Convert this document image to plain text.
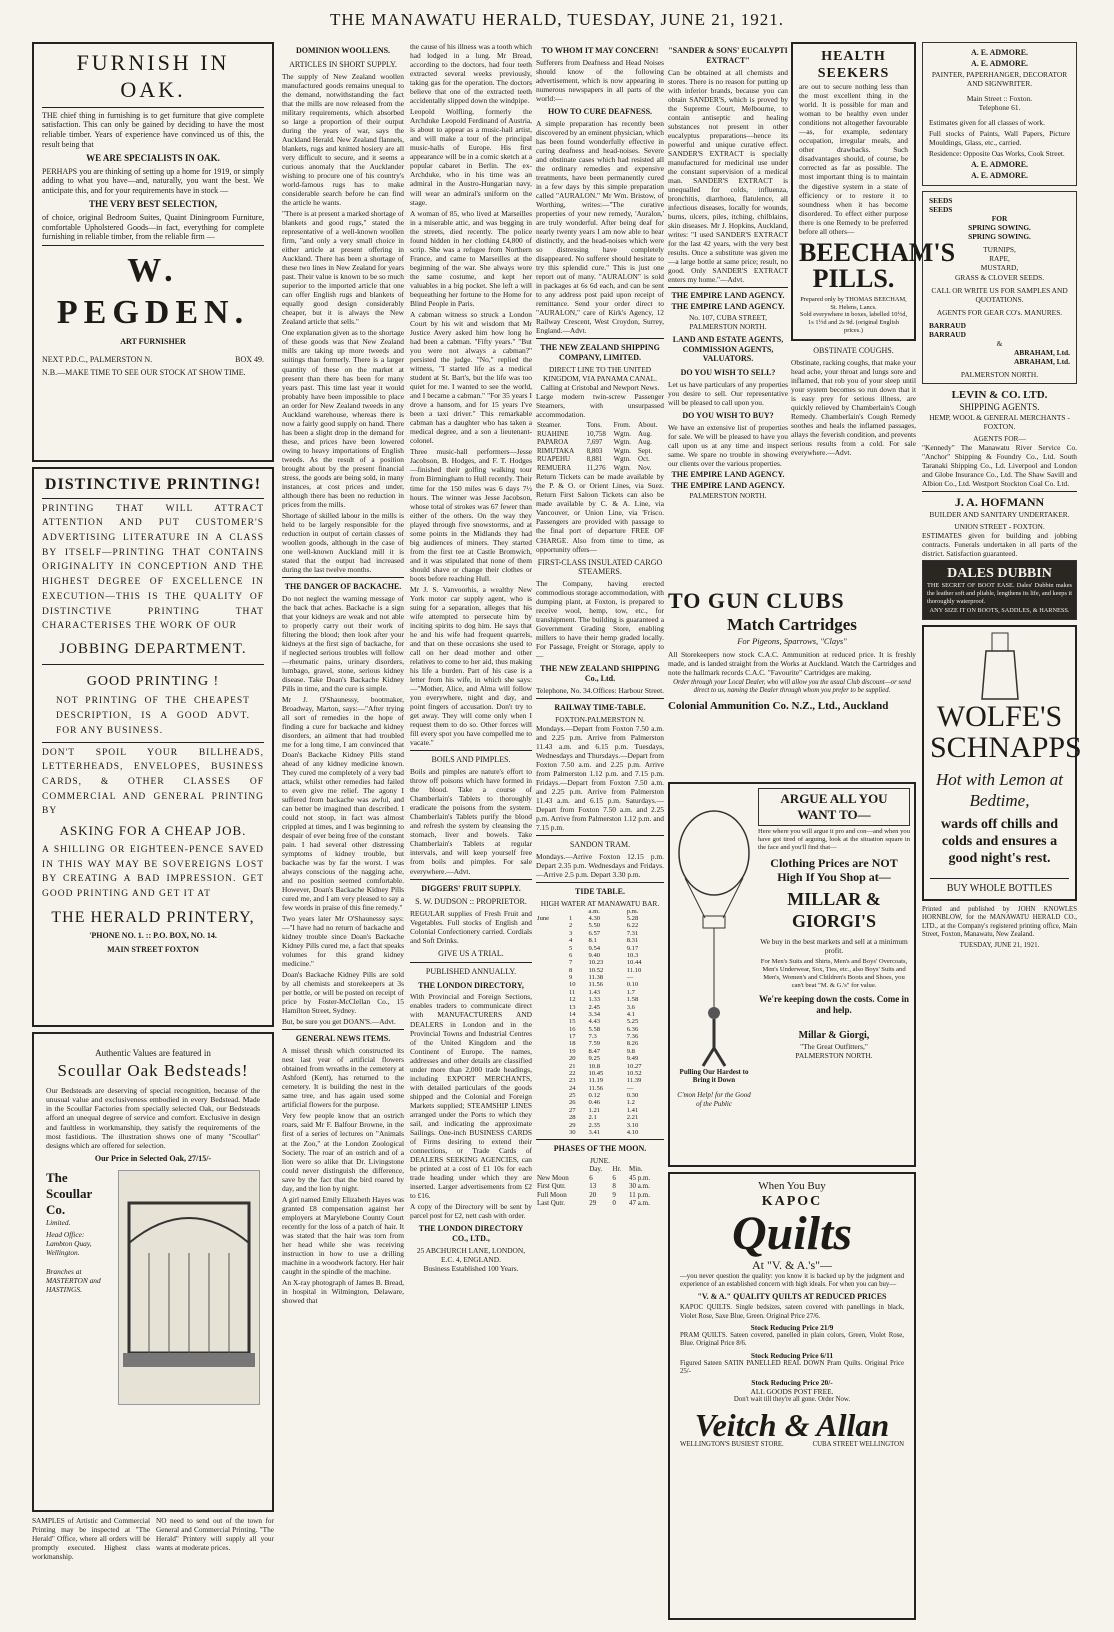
THE MANAWATU HERALD, TUESDAY, JUNE 21, 1921.
FURNISH IN OAK.

THE chief thing in furnishing is to get furniture that give complete satisfaction. This can only be gained by deciding to have the most reliable timber. Years of experience have convinced us of this, the result being that

WE ARE SPECIALISTS IN OAK.

PERHAPS you are thinking of setting up a home for 1919, or simply adding to what you have—and, naturally, you want the best. We anticipate this, and for your requirements have in stock —

THE VERY BEST SELECTION,

of choice, original Bedroom Suites, Quaint Diningroom Furniture, comfortable Upholstered Goods—in fact, everything for complete furnishing in reliable timber, from the reliable firm —

W. PEGDEN.
ART FURNISHER
NEXT P.D.C., PALMERSTON N.	BOX 49.

N.B.—MAKE TIME TO SEE OUR STOCK AT SHOW TIME.

DISTINCTIVE PRINTING!

PRINTING THAT WILL ATTRACT ATTENTION AND PUT CUSTOMER'S ADVERTISING LITERATURE IN A CLASS BY ITSELF—PRINTING THAT CONTAINS ORIGINALITY IN CONCEPTION AND THE HIGHEST DEGREE OF EXCELLENCE IN EXECUTION—THIS IS THE QUALITY OF DISTINCTIVE PRINTING THAT CHARACTERISES THE WORK OF OUR

JOBBING DEPARTMENT.
GOOD PRINTING !

NOT PRINTING OF THE CHEAPEST DESCRIPTION, IS A GOOD ADVT. FOR ANY BUSINESS.

DON'T SPOIL YOUR BILLHEADS, LETTERHEADS, ENVELOPES, BUSINESS CARDS, & OTHER CLASSES OF COMMERCIAL AND GENERAL PRINTING BY

ASKING FOR A CHEAP JOB.

A SHILLING OR EIGHTEEN-PENCE SAVED IN THIS WAY MAY BE SOVEREIGNS LOST BY CREATING A BAD IMPRESSION. GET GOOD PRINTING AND GET IT AT

THE HERALD PRINTERY,
'PHONE NO. 1. :: P.O. BOX, NO. 14.
MAIN STREET FOXTON
Authentic Values are featured in
Scoullar Oak Bedsteads!

Our Bedsteads are deserving of special recognition, because of the unusual value and exclusiveness embodied in every Bedstead. Made in the Scoullar Factories from specially selected Oak, our Bedsteads afford an unequal degree of service and comfort. Exclusive in design and faultless in workmanship, they satisfy the requirements of the most fastidious. The illustration shows one of many "Scoullar" designs which are offered for selection.

Our Price in Selected Oak, 27/15/-
The Scoullar Co.
Limited.
Head Office: Lambton Quay, Wellington.
Branches at MASTERTON and HASTINGS.

SAMPLES of Artistic and Commercial Printing may be inspected at "The Herald" Office, where all orders will be promptly executed. Highest class workmanship.

NO need to send out of the town for General and Commercial Printing. "The Herald" Printery will supply all your wants at moderate prices.

DOMINION WOOLLENS.
ARTICLES IN SHORT SUPPLY.

The supply of New Zealand woollen manufactured goods remains unequal to the demand, notwithstanding the fact that the mills are now released from the military requirements, which absorbed so large a proportion of their output during the years of war, says the Auckland Herald. New Zealand flannels, blankets, rugs and knitted hosiery are all very difficult to secure, and it seems a curious anomaly that the Aucklander wishing to procure one of his country's world-famous rugs has to make considerable search before he can find the article he wants.

"There is at present a marked shortage of blankets and good rugs," stated the representative of a well-known woollen firm, "and only a very small choice in either article at present offering in Auckland. There has been a shortage of these two lines in New Zealand for years past. Their value is known to be so much superior to the imported article that one can offer English rugs and blankets of equally good design considerably cheaper, but it is always the New Zealand article that sells."

One explanation given as to the shortage of these goods was that New Zealand mills are taking up more tweeds and suitings than formerly. There is a larger quantity of these on the market at present than there has been for many years past. This time last year it would probably have been impossible to place an order for New Zealand tweeds in any Auckland warehouse, whereas there is now a fairly good supply on hand. There has been a slight drop in the demand for these, and prices have been lowered owing to heavy importations of English tweeds. As the result of a position brought about by the present financial stress, the goods are being sold, in many instances, at cost prices and under, although there has been no reduction in prices from the mills.

Shortage of skilled labour in the mills is held to be largely responsible for the reduction in output of certain classes of woollen goods, although in the case of one well-known Auckland mill it is stated that the output had increased during the last twelve months.

THE DANGER OF BACKACHE.

Do not neglect the warning message of the back that aches. Backache is a sign that your kidneys are weak and not able to properly carry out their work of filtering the blood; then look after your kidneys at the first sign of backache, for if neglected serious troubles will follow—rheumatic pains, urinary disorders, lumbago, gravel, stone, serious kidney disease. Take Doan's Backache Kidney Pills in time, and the cure is simple.

Mr J. O'Shaunessy, bootmaker, Broadway, Marton, says:—"After trying all sort of remedies in the hope of finding a cure for backache and kidney disorders, an ailment that had troubled me for a long time, I am convinced that Doan's Backache Kidney Pills stand ahead of any kidney medicine known. They cured me completely of a very bad attack, whilst other remedies had failed to even give me relief. The agony I suffered from backache was awful, and can better be imagined than described. I could not stoop, in fact was almost crippled at times, and I was beginning to despair of ever being free of the constant pain. I had several other distressing symptoms of kidney trouble, but backache was by far the worst. I was always conscious of the nagging ache, and no position seemed comfortable. However, Doan's Backache Kidney Pills cured me, and I am very pleased to say a few words in praise of this fine remedy."

Two years later Mr O'Shaunessy says:—"I have had no return of backache and kidney trouble since Doan's Backache Kidney Pills cured me, a fact that speaks volumes for this grand kidney medicine."

Doan's Backache Kidney Pills are sold by all chemists and storekeepers at 3s per bottle, or will be posted on receipt of price by Foster-McClellan Co., 15 Hamilton Street, Sydney.

But, be sure you get DOAN'S.—Advt.

GENERAL NEWS ITEMS.

A missel thrush which constructed its nest last year of artificial flowers obtained from wreaths in the cemetery at Ashford (Kent), has returned to the cemetery. It is building the nest in the same tree, and has again used some artificial flowers for the purpose.

Very few people know that an ostrich roars, said Mr F. Balfour Browne, in the first of a series of lectures on "Animals at the Zoo," at the London Zoological Society. The roar of an ostrich and of a lion were so alike that Dr. Livingstone could never distinguish the difference, save by the fact that the bird roared by day, and the lion by night.

A girl named Emily Elizabeth Hayes was granted £8 compensation against her employers at Marylebone County Court recently for the loss of a patch of hair. It was stated that the hair was torn from her head while she was receiving instruction in how to use a drilling machine in a woodwork factory. Her hair caught in the spindle of the machine.

An X-ray photograph of James B. Bread, in hospital in Wilmington, Delaware, showed that

the cause of his illness was a tooth which had lodged in a lung. Mr Bread, according to the doctors, had four teeth extracted several weeks previously, taking gas for the operation. The doctors believe that one of the extracted teeth accidentally slipped down the windpipe.

Leopold Wolfling, formerly the Archduke Leopold Ferdinand of Austria, is about to appear as a music-hall artist, and will make a tour of the principal music-halls of Europe. His first appearance will be in a comic sketch at a popular cabaret in Berlin. The ex-Archduke, who in his time was an admiral in the Austro-Hungarian navy, will wear an admiral's uniform on the stage.

A woman of 85, who lived at Marseilles in a miserable attic, and was begging in the streets, died recently. The police found hidden in her clothing £4,800 of scrip. She was a refugee from Northern France, and came to Marseilles at the beginning of the war. She always wore the same costume, and kept her valuables in a big pocket. She left a will bequeathing her fortune to the Home for Blind People in Paris.

A cabman witness so struck a London Court by his wit and wisdom that Mr Justice Avery asked him how long he had been a cabman. "Fifty years." "But you were not always a cabman?" persisted the judge. "No," replied the witness, "I started life as a medical student at St. Bart's, but the life was too quiet for me. I wanted to see the world, and I became a cabman." "For 35 years I drove a hansom, and for 15 years I've been a taxi driver." This remarkable cabman has a daughter who has taken a medical degree, and a son a lieutenant-colonel.

Three music-hall performers—Jesse Jacobson, B. Hodges, and F. T. Hodges—finished their golfing walking tour from Birmingham to Hull recently. Their time for the 150 miles was 6 days 7½ hours. The winner was Jesse Jacobson, whose total of strokes was 67 fewer than either of the others. On the way they played through five snowstorms, and at some points in the Midlands they had big audiences of miners. They started from the first tee at Castle Bromwich, and it was stipulated that none of them should shave or change their clothes or boots before reaching Hull.

Mr J. S. Vanvoorhis, a wealthy New York motor car supply agent, who is suing for a separation, alleges that his wife attempted to persecute him by inciting spirits to dog him. He says that he and his wife had frequent quarrels, and that on these occasions she used to call on her dead mother and other relatives to come to her aid, thus making his life a burden. Part of his case is a letter from his wife, in which she says:—"Mother, Alice, and Alma will follow you everywhere, night and day, and point fingers of accusation. Don't try to get away. They will come only when I request them to do so. Other forces will fill every spot you have compelled me to vacate."

BOILS AND PIMPLES.

Boils and pimples are nature's effort to throw off poisons which have formed in the blood. Take a course of Chamberlain's Tablets to thoroughly eradicate the poisons from the system. Chamberlain's Tablets purify the blood and refresh the system by cleansing the stomach, liver and bowels. Take Chamberlain's Tablets at regular intervals, and will keep yourself free from boils and pimples. For sale everywhere.—Advt.

DIGGERS' FRUIT SUPPLY.
S. W. DUDSON :: PROPRIETOR.

REGULAR supplies of Fresh Fruit and Vegetables. Full stocks of English and Colonial Confectionery carried. Cordials and Soft Drinks.

GIVE US A TRIAL.
PUBLISHED ANNUALLY.
THE LONDON DIRECTORY,

With Provincial and Foreign Sections, enables traders to communicate direct with MANUFACTURERS AND DEALERS in London and in the Provincial Towns and Industrial Centres of the United Kingdom and the Continent of Europe. The names, addresses and other details are classified under more than 2,000 trade headings, including EXPORT MERCHANTS, with detailed particulars of the goods shipped and the Colonial and Foreign Markets supplied; STEAMSHIP LINES arranged under the Ports to which they sail, and indicating the approximate Sailings. One-inch BUSINESS CARDS of Firms desiring to extend their connections, or Trade Cards of DEALERS SEEKING AGENCIES, can be printed at a cost of £1 10s for each trade heading under which they are inserted. Larger advertisements from £2 to £16.

A copy of the Directory will be sent by parcel post for £2, nett cash with order.

THE LONDON DIRECTORY CO., LTD.,
25 ABCHURCH LANE, LONDON, E.C. 4, ENGLAND.
Business Established 100 Years.
TO WHOM IT MAY CONCERN!

Sufferers from Deafness and Head Noises should know of the following advertisement, which is now appearing in numerous newspapers in all parts of the world:—

HOW TO CURE DEAFNESS.

A simple preparation has recently been discovered by an eminent physician, which has been found wonderfully effective in curing deafness and head-noises. Severe and obstinate cases which had resisted all the ordinary remedies and expensive treatments, have been permanently cured in a few days by this simple preparation called "AURALON." Mr Wm. Bristow, of Worthing, writes:—"The curative properties of your new remedy, 'Auralon,' are truly wonderful. After being deaf for nearly twenty years I am now able to hear distinctly, and the head-noises which were so distressing have completely disappeared. No sufferer should hesitate to try this splendid cure." This is just one report out of many. "AURALON" is sold in packages at 6s 6d each, and can be sent to any address post paid upon receipt of remittance. Send your order direct to "AURALON," care of Kirk's Agency, 12 Railway Crescent, West Croydon, Surrey, England.—Advt.

THE NEW ZEALAND SHIPPING COMPANY, LIMITED.
DIRECT LINE TO THE UNITED KINGDOM, VIA PANAMA CANAL.
Calling at Cristobal and Newport News.

Large modern twin-screw Passenger Steamers, with unsurpassed accommodation.

Steamer.	Tons.	From.	About.
RUAHINE	10,758	Wgtn.	Aug.
PAPAROA	7,697	Wgtn.	Aug.
RIMUTAKA	8,803	Wgtn.	Sept.
RUAPEHU	8,881	Wgtn.	Oct.
REMUERA	11,276	Wgtn.	Nov.

Return Tickets can be made available by the P. & O. or Orient Lines, via Suez. Return First Saloon Tickets can also be made available by C. & A. Line, via Vancouver, or Union Line, via 'Frisco. Passengers are provided with passage to the final port of departure FREE OF CHARGE. Also from time to time, as opportunity offers—

FIRST-CLASS INSULATED CARGO STEAMERS.

The Company, having erected commodious storage accommodation, with dumping plant, at Foxton, is prepared to receive wool, hemp, tow, etc., for transhipment. The building is guaranteed a Government Grading Store, enabling millers to have their hemp graded locally. For Passage, Freight or Storage, apply to —

THE NEW ZEALAND SHIPPING Co., Ltd.
Telephone, No. 34. Offices: Harbour Street.
RAILWAY TIME-TABLE.
FOXTON-PALMERSTON N.

Mondays.—Depart from Foxton 7.50 a.m. and 2.25 p.m. Arrive from Palmerston 11.43 a.m. and 6.15 p.m. Tuesdays, Wednesdays and Thursdays.—Depart from Foxton 7.50 a.m. and 2.25 p.m. Arrive from Palmerston 1.12 p.m. and 7.15 p.m. Fridays.—Depart from Foxton 7.50 a.m. and 2.25 p.m. Arrive from Palmerston 11.43 a.m. and 6.15 p.m. Saturdays.—Depart from Foxton 7.50 a.m. and 2.25 p.m. Arrive from Palmerston 1.12 p.m. and 7.15 p.m.

SANDON TRAM.

Mondays.—Arrive Foxton 12.15 p.m. Depart 2.35 p.m. Wednesdays and Fridays.—Arrive 2.5 p.m. Depart 3.30 p.m.

TIDE TABLE.
HIGH WATER AT MANAWATU BAR.
		a.m.	p.m.
June	1	4.30	5.28
	2	5.50	6.22
	3	6.57	7.31
	4	8.1	8.31
	5	9.54	9.17
	6	9.40	10.3
	7	10.23	10.44
	8	10.52	11.10
	9	11.38	—
	10	11.56	0.10
	11	1.43	1.7
	12	1.33	1.58
	13	2.45	3.6
	14	3.34	4.1
	15	4.43	5.25
	16	5.58	6.36
	17	7.3	7.36
	18	7.59	8.26
	19	8.47	9.8
	20	9.25	9.49
	21	10.8	10.27
	22	10.45	10.52
	23	11.19	11.39
	24	11.56	—
	25	0.12	0.30
	26	0.46	1.2
	27	1.21	1.41
	28	2.1	2.21
	29	2.35	3.10
	30	3.41	4.10
PHASES OF THE MOON.
JUNE.
	Day.	Hr.	Min.
New Moon	6	6	45 p.m.
First Qutr.	13	8	30 a.m.
Full Moon	20	9	11 p.m.
Last Qutr.	29	0	47 a.m.
"SANDER & SONS' EUCALYPTI EXTRACT"

Can be obtained at all chemists and stores. There is no reason for putting up with inferior brands, because you can obtain SANDER'S, which is proved by the Supreme Court, Melbourne, to contain antiseptic and healing substances not present in other eucalyptus preparations—hence its powerful and unique curative effect. SANDER'S EXTRACT is specially manufactured for medicinal use under the constant supervision of a medical man. SANDER'S EXTRACT is unequalled for colds, influenza, bronchitis, diarrhoea, flatulence, all infectious diseases, locally for wounds, burns, ulcers, piles, itching, chilblains, skin diseases. Mr J. Hopkins, Auckland, writes: "I used SANDER'S EXTRACT for the last 42 years, with the very best results. Once a substitute was given me—a large bottle at same price; result, no good. Only SANDER'S EXTRACT enters my home."—Advt.

THE EMPIRE LAND AGENCY.
THE EMPIRE LAND AGENCY.
No. 107, CUBA STREET, PALMERSTON NORTH.
LAND AND ESTATE AGENTS, COMMISSION AGENTS, VALUATORS.
DO YOU WISH TO SELL?

Let us have particulars of any properties you desire to sell. Our representative will be pleased to call upon you.

DO YOU WISH TO BUY?

We have an extensive list of properties for sale. We will be pleased to have you call upon us at any time and inspect same. We spare no trouble in showing our clients over the various properties.

THE EMPIRE LAND AGENCY.
THE EMPIRE LAND AGENCY.
PALMERSTON NORTH.
HEALTH SEEKERS

are out to secure nothing less than the most excellent thing in the world. It is possible for man and woman to be healthy even under conditions not altogether favourable—as, for example, sedentary occupation, irregular meals, and other drawbacks. Such disadvantages should, of course, be corrected as far as possible. The most important thing is to maintain the digestive system in a state of efficiency or to restore it to soundness when it has become disordered. To effect either purpose there is one Remedy to be preferred before all others—

BEECHAM'S PILLS.
Prepared only by THOMAS BEECHAM, St. Helens, Lancs.
Sold everywhere in boxes, labelled 10½d, 1s 1½d and 2s 9d. (original English prices.)
OBSTINATE COUGHS.

Obstinate, racking coughs, that make your head ache, your throat and lungs sore and inflamed, that rob you of your sleep until your system becomes so run down that it is easy prey for serious illness, are quickly relieved by Chamberlain's Cough Remedy. Chamberlain's Cough Remedy soothes and heals the inflamed passages, allays the feverish condition, and prevents serious results from a cold. For sale everywhere.—Advt.

TO GUN CLUBS
Match Cartridges
For Pigeons, Sparrows, "Clays"

All Storekeepers now stock C.A.C. Ammunition at reduced price. It is freshly made, and is landed straight from the Works at Auckland. Watch the Cartridges and note the hallmark records C.A.C. "Favourite" Cartridges are making.

Order through your Local Dealer, who will allow you the usual Club discount—or send direct to us, naming the Dealer through whom you prefer to be supplied.

Colonial Ammunition Co. N.Z., Ltd., Auckland
Pulling Our Hardest to Bring it Down
C'mon Help! for the Good of the Public
ARGUE ALL YOU WANT TO—

Here where you will argue it pro and con—and when you have got tired of arguing, look at the situation square in the face and you'll find that—

Clothing Prices are NOT High If You Shop at—
MILLAR & GIORGI'S
We buy in the best markets and sell at a minimum profit.

For Men's Suits and Shirts, Men's and Boys' Overcoats, Men's Underwear, Sox, Ties, etc., also Boys' Suits and Men's, Women's and Children's Boots and Shoes, you can't beat "M. & G.'s" for value.

We're keeping down the costs. Come in and help.
Millar & Giorgi,
"The Great Outfitters,"
PALMERSTON NORTH.
When You Buy
KAPOC
Quilts
At "V. & A.'s"—

—you never question the quality: you know it is backed up by the judgment and experience of an established concern with high ideals. For when you can buy—

"V. & A." QUALITY QUILTS AT REDUCED PRICES

KAPOC QUILTS. Single bedsizes, sateen covered with panellings in black, Violet Rose, Saxe Blue, Green. Original Price 27/6.

Stock Reducing Price 21/9

PRAM QUILTS. Sateen covered, panelled in plain colors, Green, Violet Rose, Blue. Original Price 8/6.

Stock Reducing Price 6/11

Figured Sateen SATIN PANELLED REAL DOWN Pram Quilts. Original Price 25/-

Stock Reducing Price 20/-
ALL GOODS POST FREE.
Don't wait till they're all gone. Order Now.
Veitch & Allan
WELLINGTON'S BUSIEST STORE.	CUBA STREET WELLINGTON
A. E. ADMORE.
A. E. ADMORE.
PAINTER, PAPERHANGER, DECORATOR AND SIGNWRITER.
Main Street :: Foxton.
Telephone 61.

Estimates given for all classes of work.

Full stocks of Paints, Wall Papers, Picture Mouldings, Glass, etc., carried.

Residence: Opposite Oas Works, Cook Street.

A. E. ADMORE.
A. E. ADMORE.
SEEDS
SEEDS
FOR
SPRING SOWING.
SPRING SOWING.
TURNIPS,
RAPE,
MUSTARD,
GRASS & CLOVER SEEDS.
CALL OR WRITE US FOR SAMPLES AND QUOTATIONS.
AGENTS FOR GEAR CO's. MANURES.
BARRAUD
BARRAUD
&
ABRAHAM, Ltd.
ABRAHAM, Ltd.
PALMERSTON NORTH.
LEVIN & CO. LTD.
SHIPPING AGENTS.
HEMP, WOOL & GENERAL MERCHANTS - FOXTON.
AGENTS FOR—

"Kennedy" The Manawatu River Service Co. "Anchor" Shipping & Foundry Co., Ltd. South Taranaki Shipping Co., Ld. Liverpool and London and Globe Insurance Co., Ltd. The Shaw Savill and Albion Co., Ltd. Westport Stockton Coal Co. Ltd.

J. A. HOFMANN
BUILDER AND SANITARY UNDERTAKER.
UNION STREET - FOXTON.

ESTIMATES given for building and jobbing contracts. Funerals undertaken in all parts of the district. Satisfaction guaranteed.

DALES DUBBIN

THE SECRET OF BOOT EASE. Dales' Dubbin makes the leather soft and pliable, lengthens its life, and keeps it thoroughly waterproof.

ANY SIZE IT ON BOOTS, SADDLES, & HARNESS.
WOLFE'S SCHNAPPS
Hot with Lemon at Bedtime,
wards off chills and colds and ensures a good night's rest.
BUY WHOLE BOTTLES

Printed and published by JOHN KNOWLES HORNBLOW, for the MANAWATU HERALD CO., LTD., at the Company's registered printing office, Main Street, Foxton, Manawatu, New Zealand.

TUESDAY, JUNE 21, 1921.
